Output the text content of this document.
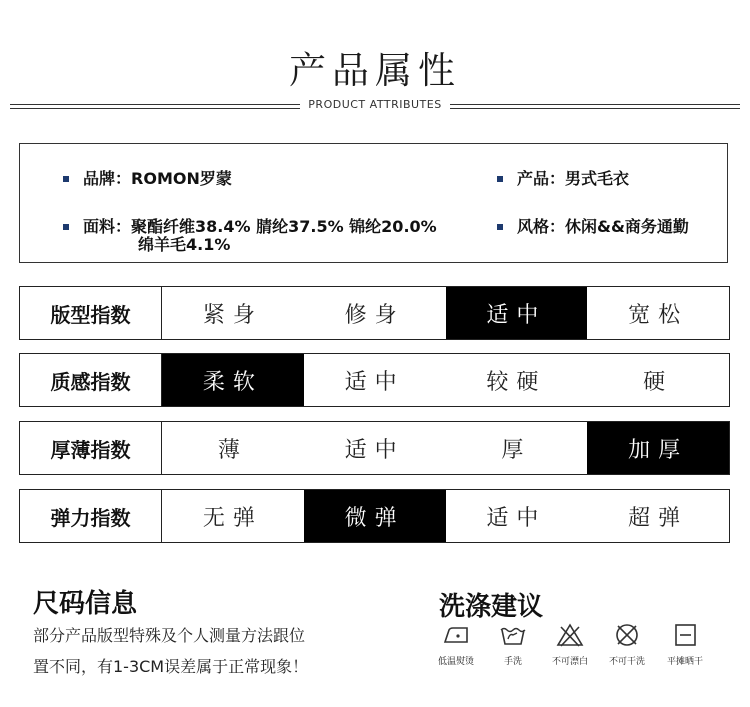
产品属性
PRODUCT ATTRIBUTES
品牌：ROMON罗蒙	产品：男式毛衣
面料：聚酯纤维38.4% 腈纶37.5% 锦纶20.0%
绵羊毛4.1%
风格：休闲&&商务通勤
版型指数	紧身	修身	适中	宽松
质感指数	柔软	适中	较硬	硬
厚薄指数	薄	适中	厚	加厚
弹力指数	无弹	微弹	适中	超弹
尺码信息
部分产品版型特殊及个人测量方法跟位
置不同，有1-3CM误差属于正常现象！
洗涤建议
低温熨烫	手洗	不可漂白	不可干洗	平摊晒干
